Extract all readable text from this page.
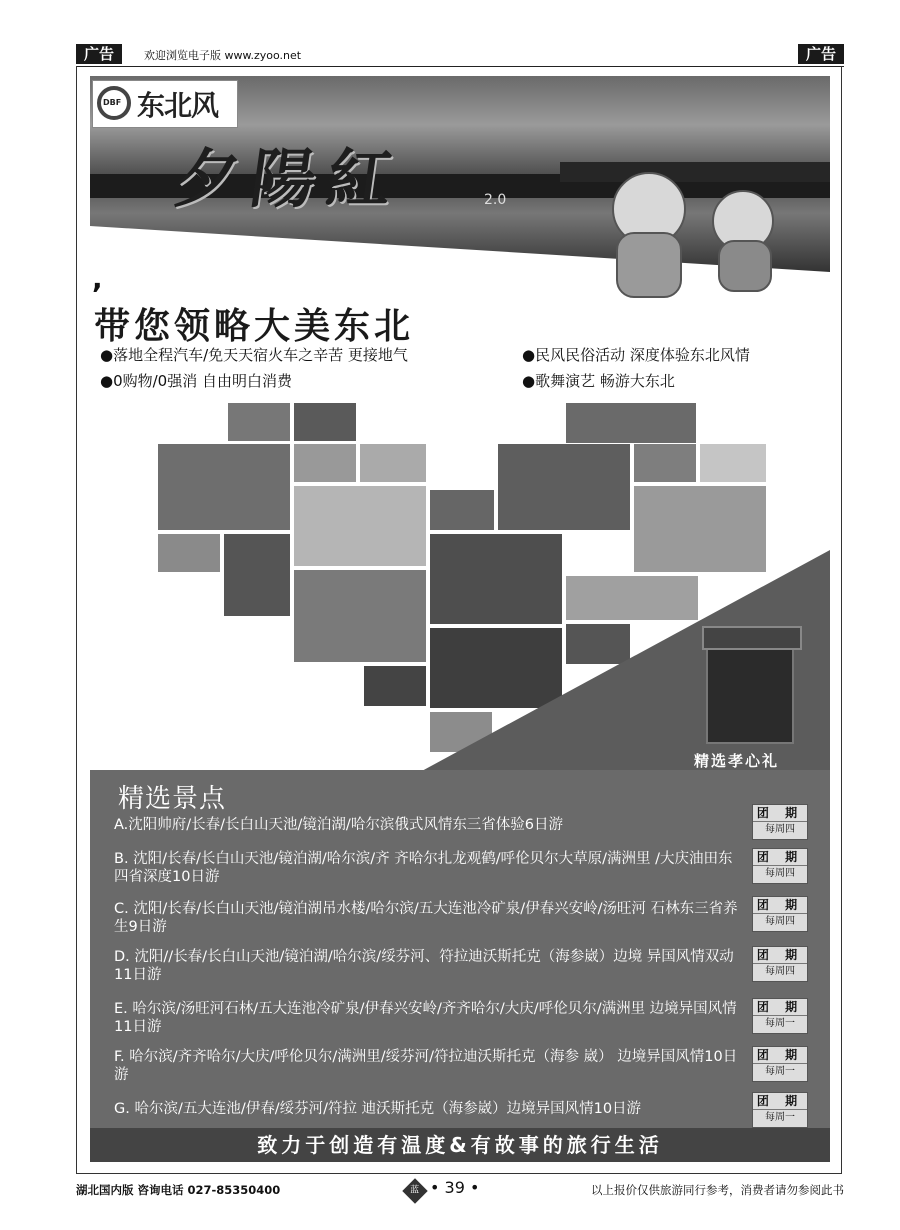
广告	欢迎浏览电子版 www.zyoo.net	广告
DBF 东北风
夕陽紅	2.0
,
带您领略大美东北
●落地全程汽车/免天天宿火车之辛苦 更接地气
●0购物/0强消 自由明白消费
●民风民俗活动 深度体验东北风情
●歌舞演艺 畅游大东北
精选孝心礼
精选景点
A.沈阳帅府/长春/长白山天池/镜泊湖/哈尔滨俄式风情东三省体验6日游
团 期
每周四
B. 沈阳/长春/长白山天池/镜泊湖/哈尔滨/齐 齐哈尔扎龙观鹤/呼伦贝尔大草原/满洲里 /大庆油田东四省深度10日游
团 期
每周四
C. 沈阳/长春/长白山天池/镜泊湖吊水楼/哈尔滨/五大连池冷矿泉/伊春兴安岭/汤旺河 石林东三省养生9日游
团 期
每周四
D. 沈阳//长春/长白山天池/镜泊湖/哈尔滨/绥芬河、符拉迪沃斯托克（海参崴）边境 异国风情双动11日游
团 期
每周四
E. 哈尔滨/汤旺河石林/五大连池冷矿泉/伊春兴安岭/齐齐哈尔/大庆/呼伦贝尔/满洲里 边境异国风情11日游
团 期
每周一
F. 哈尔滨/齐齐哈尔/大庆/呼伦贝尔/满洲里/绥芬河/符拉迪沃斯托克（海参 崴） 边境异国风情10日游
团 期
每周一
G. 哈尔滨/五大连池/伊春/绥芬河/符拉 迪沃斯托克（海参崴）边境异国风情10日游	团 期
每周一
致力于创造有温度&有故事的旅行生活
湖北国内版 咨询电话 027-85350400	蓝 • 39 •	以上报价仅供旅游同行参考，消费者请勿参阅此书
